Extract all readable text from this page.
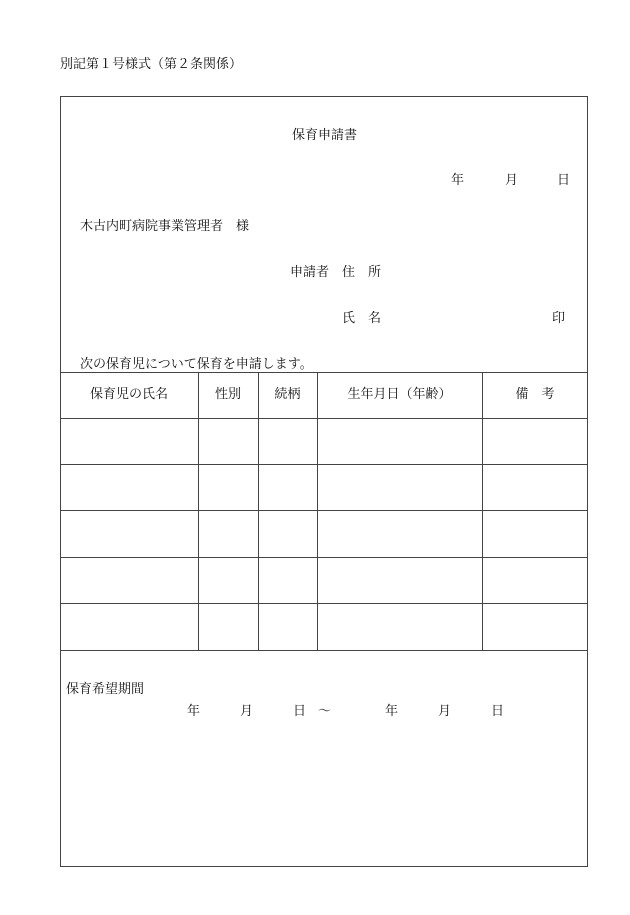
別記第１号様式（第２条関係）
保育申請書
年	月	日
木古内町病院事業管理者　様
申請者 住　所
氏　名	印
次の保育児について保育を申請します。
保育児の氏名	性別	続柄	生年月日（年齢）	備　考
保育希望期間
年	月	日 〜	年	月	日
